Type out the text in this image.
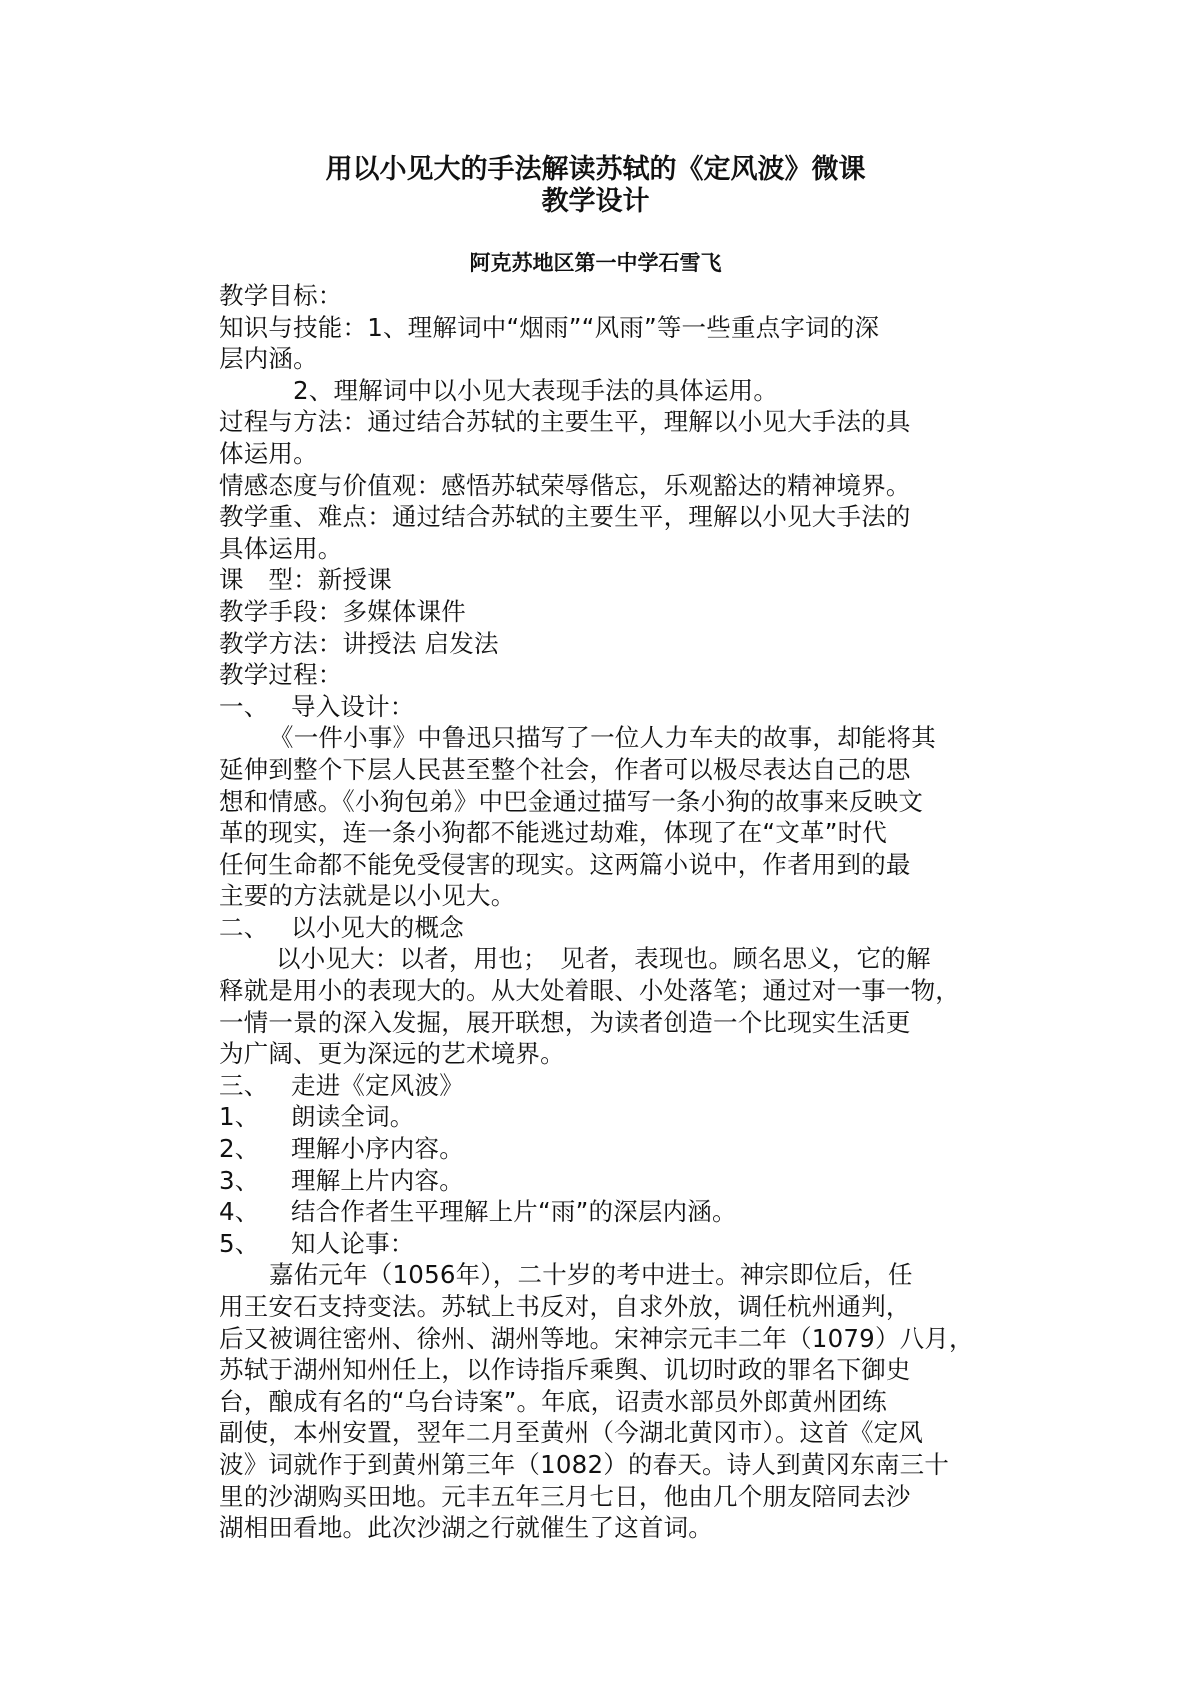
用以小见大的手法解读苏轼的《定风波》微课
教学设计
阿克苏地区第一中学石雪飞

教学目标：

知识与技能：1、理解词中“烟雨”“风雨”等一些重点字词的深

层内涵。

2、理解词中以小见大表现手法的具体运用。

过程与方法：通过结合苏轼的主要生平，理解以小见大手法的具

体运用。

情感态度与价值观：感悟苏轼荣辱偕忘，乐观豁达的精神境界。

教学重、难点：通过结合苏轼的主要生平，理解以小见大手法的

具体运用。

课　型：新授课

教学手段：多媒体课件

教学方法：讲授法 启发法

教学过程：

一、 导入设计：

《一件小事》中鲁迅只描写了一位人力车夫的故事，却能将其

延伸到整个下层人民甚至整个社会，作者可以极尽表达自己的思

想和情感。《小狗包弟》中巴金通过描写一条小狗的故事来反映文

革的现实，连一条小狗都不能逃过劫难，体现了在“文革”时代

任何生命都不能免受侵害的现实。这两篇小说中，作者用到的最

主要的方法就是以小见大。

二、 以小见大的概念

以小见大：以者，用也；　见者，表现也。顾名思义，它的解

释就是用小的表现大的。从大处着眼、小处落笔；通过对一事一物，

一情一景的深入发掘，展开联想，为读者创造一个比现实生活更

为广阔、更为深远的艺术境界。

三、 走进《定风波》

1、 朗读全词。

2、 理解小序内容。

3、 理解上片内容。

4、 结合作者生平理解上片“雨”的深层内涵。

5、 知人论事：

嘉佑元年（1056年），二十岁的考中进士。神宗即位后，任

用王安石支持变法。苏轼上书反对，自求外放，调任杭州通判，

后又被调往密州、徐州、湖州等地。宋神宗元丰二年（1079）八月，

苏轼于湖州知州任上，以作诗指斥乘舆、讥切时政的罪名下御史

台，酿成有名的“乌台诗案”。年底，诏责水部员外郎黄州团练

副使，本州安置，翌年二月至黄州（今湖北黄冈市）。这首《定风

波》词就作于到黄州第三年（1082）的春天。诗人到黄冈东南三十

里的沙湖购买田地。元丰五年三月七日，他由几个朋友陪同去沙

湖相田看地。此次沙湖之行就催生了这首词。
